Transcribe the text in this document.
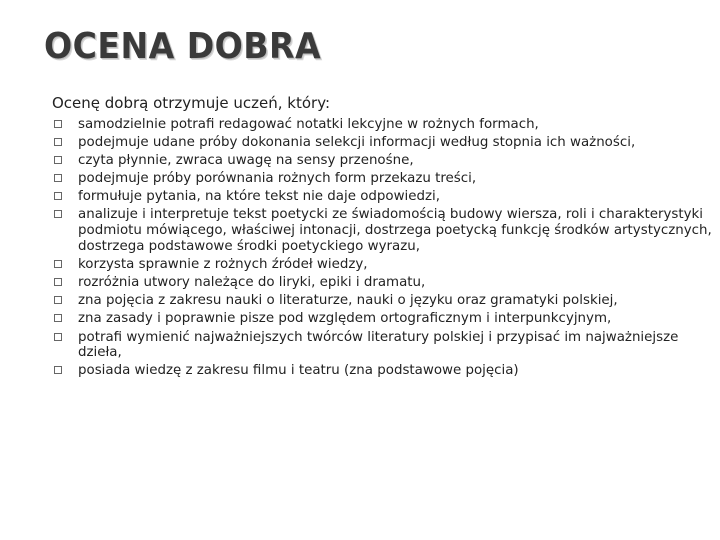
OCENA DOBRA
Ocenę dobrą otrzymuje uczeń, który:
samodzielnie potrafi redagować notatki lekcyjne w rożnych formach,
podejmuje udane próby dokonania selekcji informacji według stopnia ich ważności,
czyta płynnie, zwraca uwagę na sensy przenośne,
podejmuje próby porównania rożnych form przekazu treści,
formułuje pytania, na które tekst nie daje odpowiedzi,
analizuje i interpretuje tekst poetycki ze świadomością budowy wiersza, roli i charakterystyki podmiotu mówiącego, właściwej intonacji, dostrzega poetycką funkcję środków artystycznych, dostrzega podstawowe środki poetyckiego wyrazu,
korzysta sprawnie z rożnych źródeł wiedzy,
rozróżnia utwory należące do liryki, epiki i dramatu,
zna pojęcia z zakresu nauki o literaturze, nauki o języku oraz gramatyki polskiej,
zna zasady i poprawnie pisze pod względem ortograficznym i interpunkcyjnym,
potrafi wymienić najważniejszych twórców literatury polskiej i przypisać im najważniejsze dzieła,
posiada wiedzę z zakresu filmu i teatru (zna podstawowe pojęcia)
